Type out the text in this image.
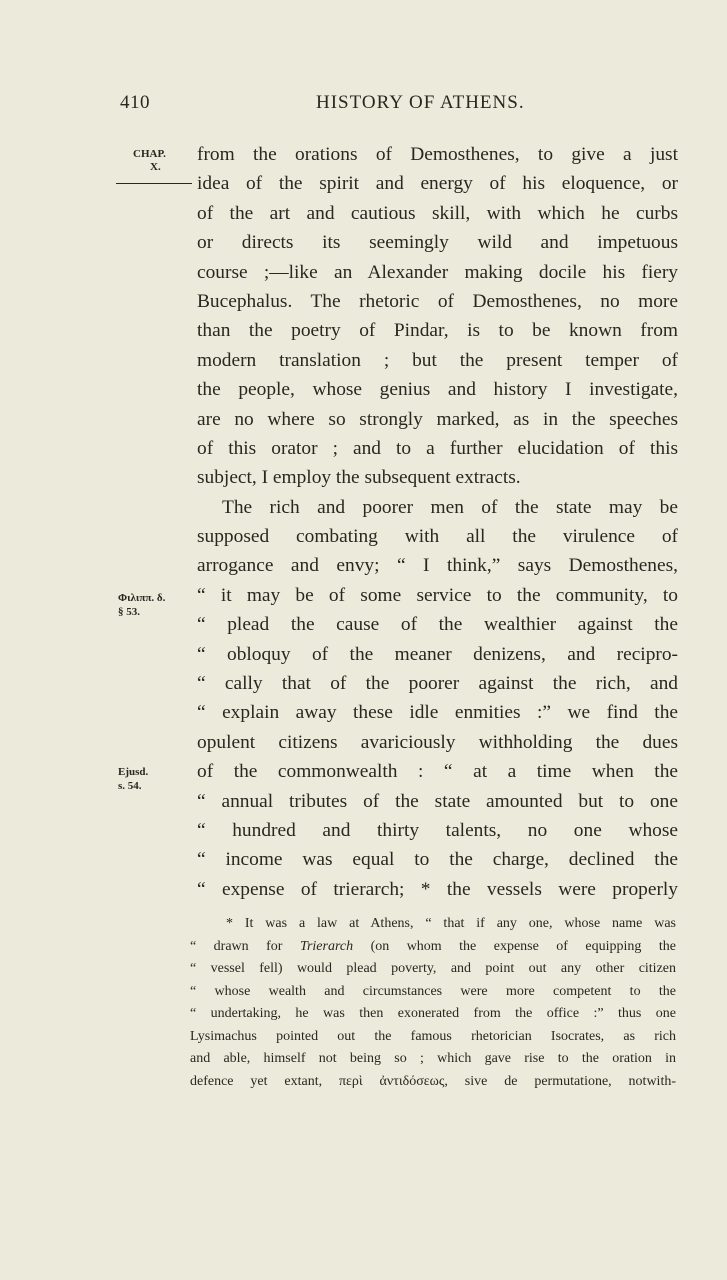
410	HISTORY OF ATHENS.
CHAP.
X.
Φιλιππ. δ.
§ 53.
Ejusd.
s. 54.
from the orations of Demosthenes, to give a just
idea of the spirit and energy of his eloquence, or
of the art and cautious skill, with which he curbs
or directs its seemingly wild and impetuous
course ;—like an Alexander making docile his fiery
Bucephalus. The rhetoric of Demosthenes, no more
than the poetry of Pindar, is to be known from
modern translation ; but the present temper of
the people, whose genius and history I investigate,
are no where so strongly marked, as in the speeches
of this orator ; and to a further elucidation of this
subject, I employ the subsequent extracts.
The rich and poorer men of the state may be
supposed combating with all the virulence of
arrogance and envy; “ I think,” says Demosthenes,
“ it may be of some service to the community, to
“ plead the cause of the wealthier against the
“ obloquy of the meaner denizens, and recipro-
“ cally that of the poorer against the rich, and
“ explain away these idle enmities :” we find the
opulent citizens avariciously withholding the dues
of the commonwealth : “ at a time when the
“ annual tributes of the state amounted but to one
“ hundred and thirty talents, no one whose
“ income was equal to the charge, declined the
“ expense of trierarch; * the vessels were properly
* It was a law at Athens, “ that if any one, whose name was
“ drawn for Trierarch (on whom the expense of equipping the
“ vessel fell) would plead poverty, and point out any other citizen
“ whose wealth and circumstances were more competent to the
“ undertaking, he was then exonerated from the office :” thus one
Lysimachus pointed out the famous rhetorician Isocrates, as rich
and able, himself not being so ; which gave rise to the oration in
defence yet extant, περὶ ἀντιδόσεως, sive de permutatione, notwith-
